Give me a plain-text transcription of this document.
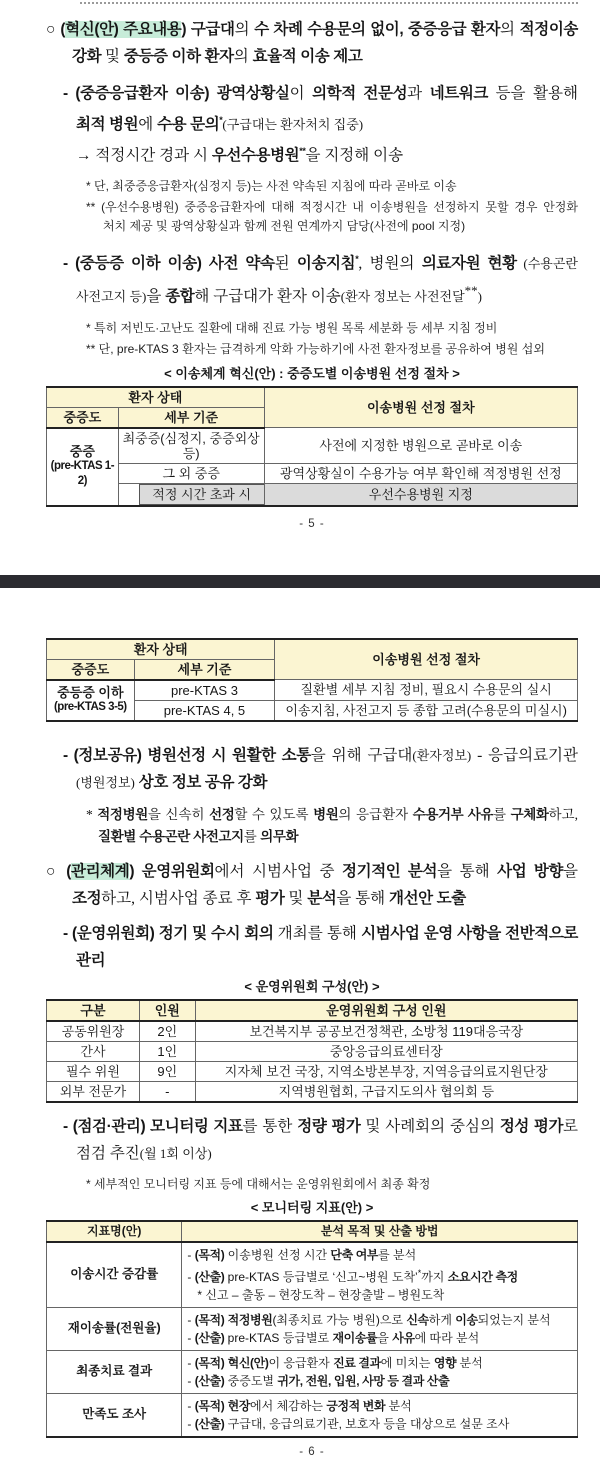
○ (혁신(안) 주요내용) 구급대의 수 차례 수용문의 없이, 중증응급 환자의 적정이송 강화 및 중등증 이하 환자의 효율적 이송 제고

- (중증응급환자 이송) 광역상황실이 의학적 전문성과 네트워크 등을 활용해 최적 병원에 수용 문의*(구급대는 환자처치 집중)

→ 적정시간 경과 시 우선수용병원**을 지정해 이송

* 단, 최중증응급환자(심정지 등)는 사전 약속된 지침에 따라 곧바로 이송

** (우선수용병원) 중증응급환자에 대해 적정시간 내 이송병원을 선정하지 못할 경우 안정화 처치 제공 및 광역상황실과 함께 전원 연계까지 담당(사전에 pool 지정)

- (중등증 이하 이송) 사전 약속된 이송지침*, 병원의 의료자원 현황 (수용곤란 사전고지 등)을 종합해 구급대가 환자 이송(환자 정보는 사전전달**)

* 특히 저빈도·고난도 질환에 대해 진료 가능 병원 목록 세분화 등 세부 지침 정비

** 단, pre-KTAS 3 환자는 급격하게 악화 가능하기에 사전 환자정보를 공유하여 병원 섭외

< 이송체계 혁신(안) : 중증도별 이송병원 선정 절차 >

환자 상태		이송병원 선정 절차
중증도	세부 기준	
중증
(pre-KTAS 1-2)	최중증(심정지, 중증외상 등)	사전에 지정한 병원으로 곧바로 이송
	그 외 중증	광역상황실이 수용가능 여부 확인해 적정병원 선정

	적정 시간 초과 시	우선수용병원 지정

- 5 -

환자 상태		이송병원 선정 절차
중증도	세부 기준	
중등증 이하
(pre-KTAS 3-5)	pre-KTAS 3	질환별 세부 지침 정비, 필요시 수용문의 실시
	pre-KTAS 4, 5	이송지침, 사전고지 등 종합 고려(수용문의 미실시)

- (정보공유) 병원선정 시 원활한 소통을 위해 구급대(환자정보) - 응급의료기관(병원정보) 상호 정보 공유 강화

* 적정병원을 신속히 선정할 수 있도록 병원의 응급환자 수용거부 사유를 구체화하고, 질환별 수용곤란 사전고지를 의무화

○ (관리체계) 운영위원회에서 시범사업 중 정기적인 분석을 통해 사업 방향을 조정하고, 시범사업 종료 후 평가 및 분석을 통해 개선안 도출

- (운영위원회) 정기 및 수시 회의 개최를 통해 시범사업 운영 사항을 전반적으로 관리

< 운영위원회 구성(안) >

구분	인원	운영위원회 구성 인원
공동위원장	2인	보건복지부 공공보건정책관, 소방청 119대응국장
간사	1인	중앙응급의료센터장
필수 위원	9인	지자체 보건 국장, 지역소방본부장, 지역응급의료지원단장
외부 전문가	-	지역병원협회, 구급지도의사 협의회 등

- (점검·관리) 모니터링 지표를 통한 정량 평가 및 사례회의 중심의 정성 평가로 점검 추진(월 1회 이상)

* 세부적인 모니터링 지표 등에 대해서는 운영위원회에서 최종 확정

< 모니터링 지표(안) >

지표명(안)	분석 목적 및 산출 방법
이송시간 증감률	- (목적) 이송병원 선정 시간 단축 여부를 분석
- (산출) pre-KTAS 등급별로 ‘신고~병원 도착’*까지 소요시간 측정
* 신고 – 출동 – 현장도착 – 현장출발 – 병원도착

재이송률(전원율)	- (목적) 적정병원(최종치료 가능 병원)으로 신속하게 이송되었는지 분석
- (산출) pre-KTAS 등급별로 재이송률을 사유에 따라 분석

최종치료 결과	- (목적) 혁신(안)이 응급환자 진료 결과에 미치는 영향 분석
- (산출) 중증도별 귀가, 전원, 입원, 사망 등 결과 산출

만족도 조사	- (목적) 현장에서 체감하는 긍정적 변화 분석
- (산출) 구급대, 응급의료기관, 보호자 등을 대상으로 설문 조사

- 6 -
